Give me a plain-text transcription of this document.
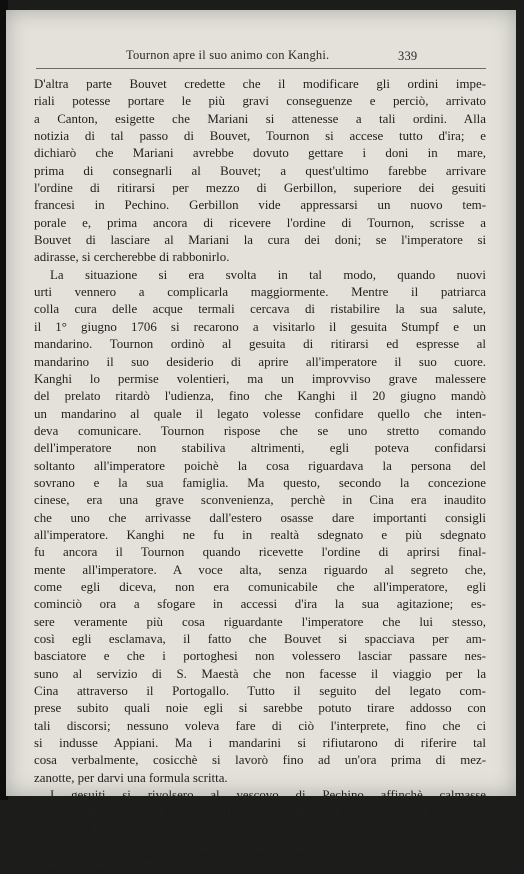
Tournon apre il suo animo con Kanghi.	339
D'altra parte Bouvet credette che il modificare gli ordini impe-
riali potesse portare le più gravi conseguenze e perciò, arrivato
a Canton, esigette che Mariani si attenesse a tali ordini. Alla
notizia di tal passo di Bouvet, Tournon si accese tutto d'ira; e
dichiarò che Mariani avrebbe dovuto gettare i doni in mare,
prima di consegnarli al Bouvet; a quest'ultimo farebbe arrivare
l'ordine di ritirarsi per mezzo di Gerbillon, superiore dei gesuiti
francesi in Pechino. Gerbillon vide appressarsi un nuovo tem-
porale e, prima ancora di ricevere l'ordine di Tournon, scrisse a
Bouvet di lasciare al Mariani la cura dei doni; se l'imperatore si
adirasse, si cercherebbe di rabbonirlo.
La situazione si era svolta in tal modo, quando nuovi
urti vennero a complicarla maggiormente. Mentre il patriarca
colla cura delle acque termali cercava di ristabilire la sua salute,
il 1° giugno 1706 si recarono a visitarlo il gesuita Stumpf e un
mandarino. Tournon ordinò al gesuita di ritirarsi ed espresse al
mandarino il suo desiderio di aprire all'imperatore il suo cuore.
Kanghi lo permise volentieri, ma un improvviso grave malessere
del prelato ritardò l'udienza, fino che Kanghi il 20 giugno mandò
un mandarino al quale il legato volesse confidare quello che inten-
deva comunicare. Tournon rispose che se uno stretto comando
dell'imperatore non stabiliva altrimenti, egli poteva confidarsi
soltanto all'imperatore poichè la cosa riguardava la persona del
sovrano e la sua famiglia. Ma questo, secondo la concezione
cinese, era una grave sconvenienza, perchè in Cina era inaudito
che uno che arrivasse dall'estero osasse dare importanti consigli
all'imperatore. Kanghi ne fu in realtà sdegnato e più sdegnato
fu ancora il Tournon quando ricevette l'ordine di aprirsi final-
mente all'imperatore. A voce alta, senza riguardo al segreto che,
come egli diceva, non era comunicabile che all'imperatore, egli
cominciò ora a sfogare in accessi d'ira la sua agitazione; es-
sere veramente più cosa riguardante l'imperatore che lui stesso,
così egli esclamava, il fatto che Bouvet si spacciava per am-
basciatore e che i portoghesi non volessero lasciar passare nes-
suno al servizio di S. Maestà che non facesse il viaggio per la
Cina attraverso il Portogallo. Tutto il seguito del legato com-
prese subito quali noie egli si sarebbe potuto tirare addosso con
tali discorsi; nessuno voleva fare di ciò l'interprete, fino che ci
si indusse Appiani. Ma i mandarini si rifiutarono di riferire tal
cosa verbalmente, cosicchè si lavorò fino ad un'ora prima di mez-
zanotte, per darvi una formula scritta.
I gesuiti si rivolsero al vescovo di Pechino affinchè calmasse
le ire del legato e anche il seguito di Tournon cercò di tranquil-
lizzarlo. Ma tutto fu vano. Il patriarca rispose che egli doveva
salvaguardare il servizio della Santa Sede e costrinse il suo rilut-
tante cancelliere a mettere i suggelli allo scritto.
